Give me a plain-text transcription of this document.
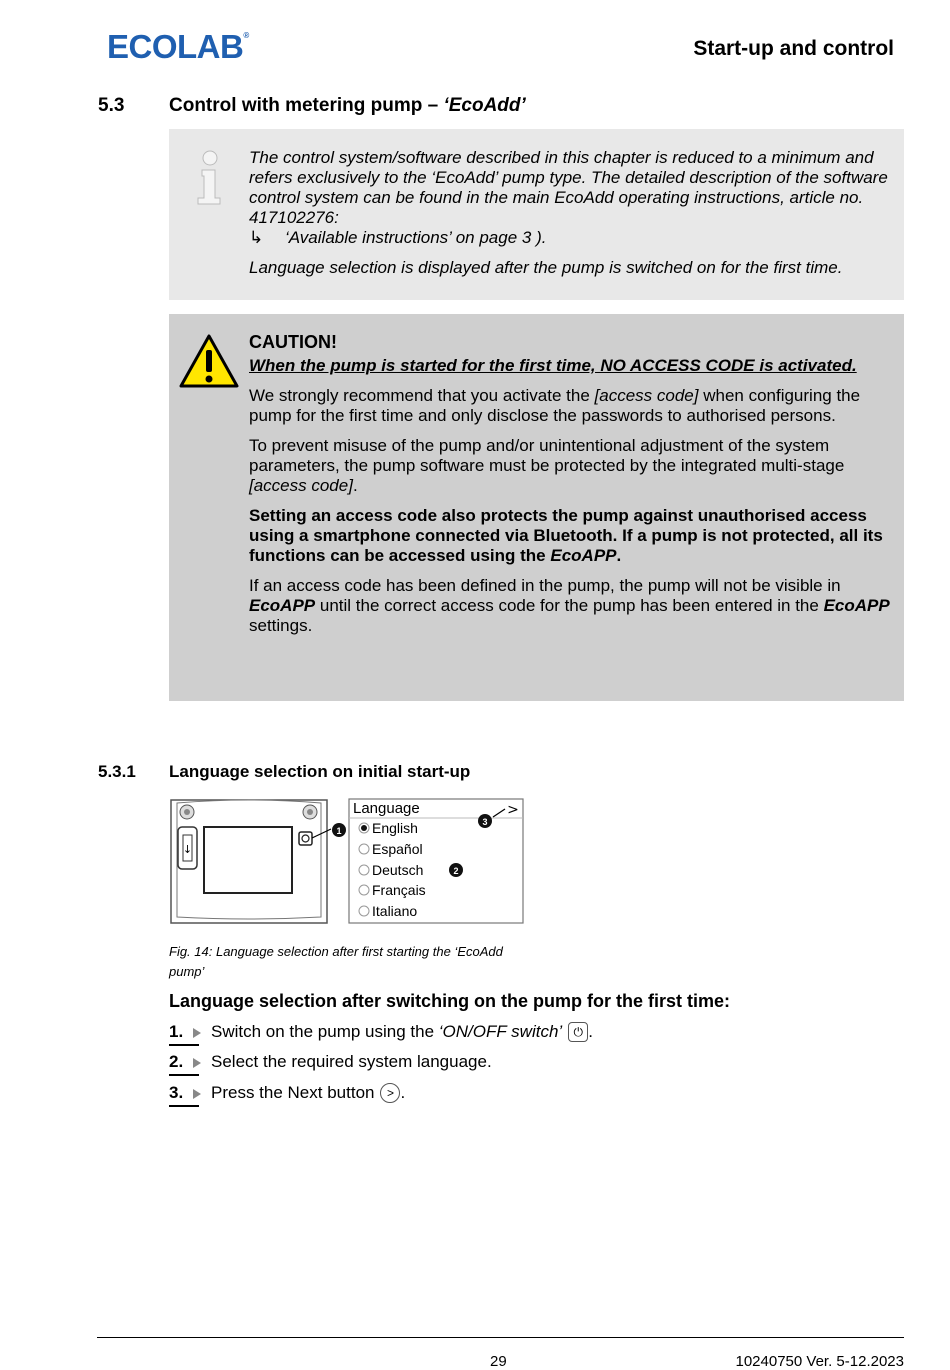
ECOLAB®
Start-up and control
5.3 Control with metering pump – ‘EcoAdd’

The control system/software described in this chapter is reduced to a minimum and refers exclusively to the ‘EcoAdd’ pump type. The detailed description of the software control system can be found in the main EcoAdd operating instructions, article no. 417102276:

↳ ‘Available instructions’ on page 3 ).

Language selection is displayed after the pump is switched on for the first time.

CAUTION!

When the pump is started for the first time, NO ACCESS CODE is activated.

We strongly recommend that you activate the [access code] when configuring the pump for the first time and only disclose the passwords to authorised persons.

To prevent misuse of the pump and/or unintentional adjustment of the system parameters, the pump software must be protected by the integrated multi-stage [access code].

Setting an access code also protects the pump against unauthorised access using a smartphone connected via Bluetooth. If a pump is not protected, all its functions can be accessed using the EcoAPP.

If an access code has been defined in the pump, the pump will not be visible in EcoAPP until the correct access code for the pump has been entered in the EcoAPP settings.

5.3.1 Language selection on initial start-up
↓
1
>
3
2
Language
English
Español
Deutsch
Français
Italiano
Fig. 14: Language selection after first starting the ‘EcoAdd pump’
Language selection after switching on the pump for the first time:
1.	Switch on the pump using the
‘ON/OFF switch’ ⏻ .
2.	Select the required system language.
3.	Press the Next button	> .
29	10240750 Ver. 5-12.2023
